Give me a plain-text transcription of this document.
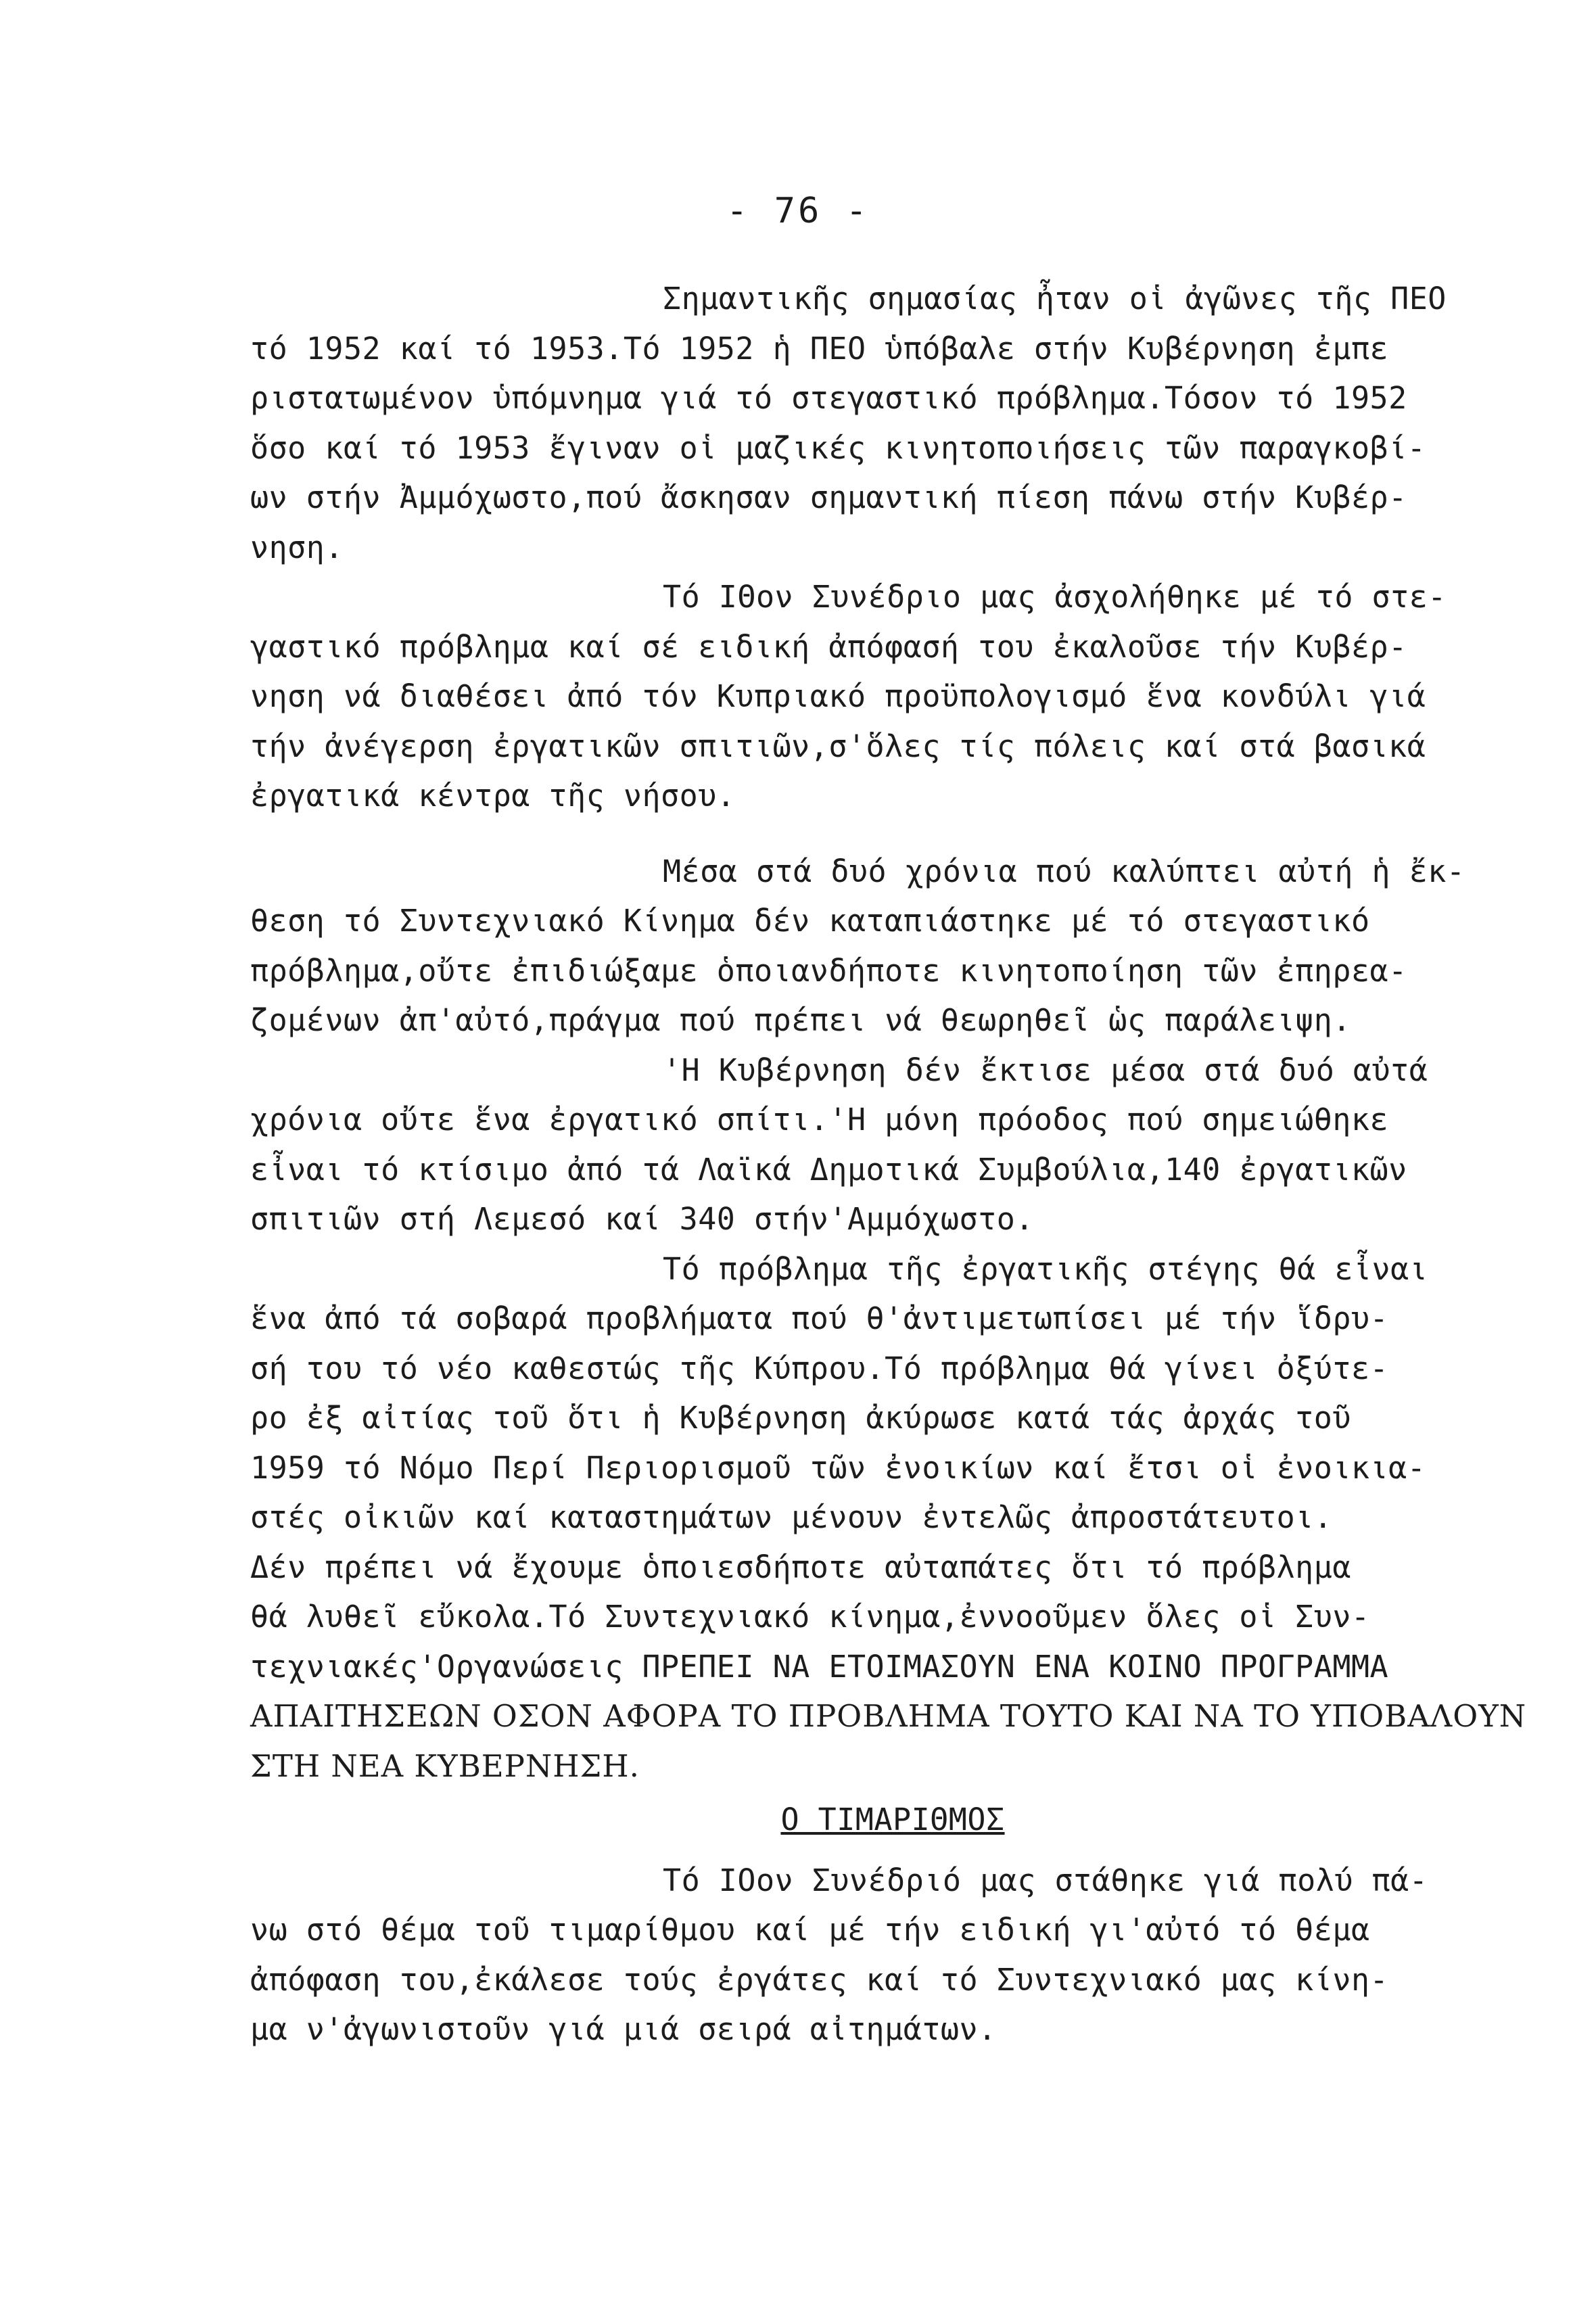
- 76 -
Σημαντικῆς σημασίας ἦταν οἱ ἀγῶνες τῆς ΠΕΟ
τό 1952 καί τό 1953.Τό 1952 ἡ ΠΕΟ ὑπόβαλε στήν Κυβέρνηση ἐμπε
ριστατωμένον ὑπόμνημα γιά τό στεγαστικό πρόβλημα.Τόσον τό 1952
ὅσο καί τό 1953 ἔγιναν οἱ μαζικές κινητοποιήσεις τῶν παραγκοβί-
ων στήν Ἀμμόχωστο,πού ἄσκησαν σημαντική πίεση πάνω στήν Κυβέρ-
νηση.
Τό ΙΘον Συνέδριο μας ἀσχολήθηκε μέ τό στε-
γαστικό πρόβλημα καί σέ ειδική ἀπόφασή του ἐκαλοῦσε τήν Κυβέρ-
νηση νά διαθέσει ἀπό τόν Κυπριακό προϋπολογισμό ἕνα κονδύλι γιά
τήν ἀνέγερση ἐργατικῶν σπιτιῶν,σ'ὅλες τίς πόλεις καί στά βασικά
ἐργατικά κέντρα τῆς νήσου.
Μέσα στά δυό χρόνια πού καλύπτει αὐτή ἡ ἔκ-
θεση τό Συντεχνιακό Κίνημα δέν καταπιάστηκε μέ τό στεγαστικό
πρόβλημα,οὔτε ἐπιδιώξαμε ὁποιανδήποτε κινητοποίηση τῶν ἐπηρεα-
ζομένων ἀπ'αὐτό,πράγμα πού πρέπει νά θεωρηθεῖ ὡς παράλειψη.
'Η Κυβέρνηση δέν ἔκτισε μέσα στά δυό αὐτά
χρόνια οὔτε ἕνα ἐργατικό σπίτι.'Η μόνη πρόοδος πού σημειώθηκε
εἶναι τό κτίσιμο ἀπό τά Λαϊκά Δημοτικά Συμβούλια,140 ἐργατικῶν
σπιτιῶν στή Λεμεσό καί 340 στήν'Αμμόχωστο.
Τό πρόβλημα τῆς ἐργατικῆς στέγης θά εἶναι
ἕνα ἀπό τά σοβαρά προβλήματα πού θ'ἀντιμετωπίσει μέ τήν ἵδρυ-
σή του τό νέο καθεστώς τῆς Κύπρου.Τό πρόβλημα θά γίνει ὀξύτε-
ρο ἐξ αἰτίας τοῦ ὅτι ἡ Κυβέρνηση ἀκύρωσε κατά τάς ἀρχάς τοῦ
1959 τό Νόμο Περί Περιορισμοῦ τῶν ἐνοικίων καί ἔτσι οἱ ἐνοικια-
στές οἰκιῶν καί καταστημάτων μένουν ἐντελῶς ἀπροστάτευτοι.
Δέν πρέπει νά ἔχουμε ὁποιεσδήποτε αὐταπάτες ὅτι τό πρόβλημα
θά λυθεῖ εὔκολα.Τό Συντεχνιακό κίνημα,ἐννοοῦμεν ὅλες οἱ Συν-
τεχνιακές'Οργανώσεις ΠΡΕΠΕΙ ΝΑ ΕΤΟΙΜΑΣΟΥΝ ΕΝΑ ΚΟΙΝΟ ΠΡΟΓΡΑΜΜΑ
ΑΠΑΙΤΗΣΕΩΝ ΟΣΟΝ ΑΦΟΡΑ ΤΟ ΠΡΟΒΛΗΜΑ ΤΟΥΤΟ ΚΑΙ ΝΑ ΤΟ ΥΠΟΒΑΛΟΥΝ
ΣΤΗ ΝΕΑ ΚΥΒΕΡΝΗΣΗ.
Ο ΤΙΜΑΡΙΘΜΟΣ
Τό ΙΟον Συνέδριό μας στάθηκε γιά πολύ πά-
νω στό θέμα τοῦ τιμαρίθμου καί μέ τήν ειδική γι'αὐτό τό θέμα
ἀπόφαση του,ἐκάλεσε τούς ἐργάτες καί τό Συντεχνιακό μας κίνη-
μα ν'ἀγωνιστοῦν γιά μιά σειρά αἰτημάτων.
